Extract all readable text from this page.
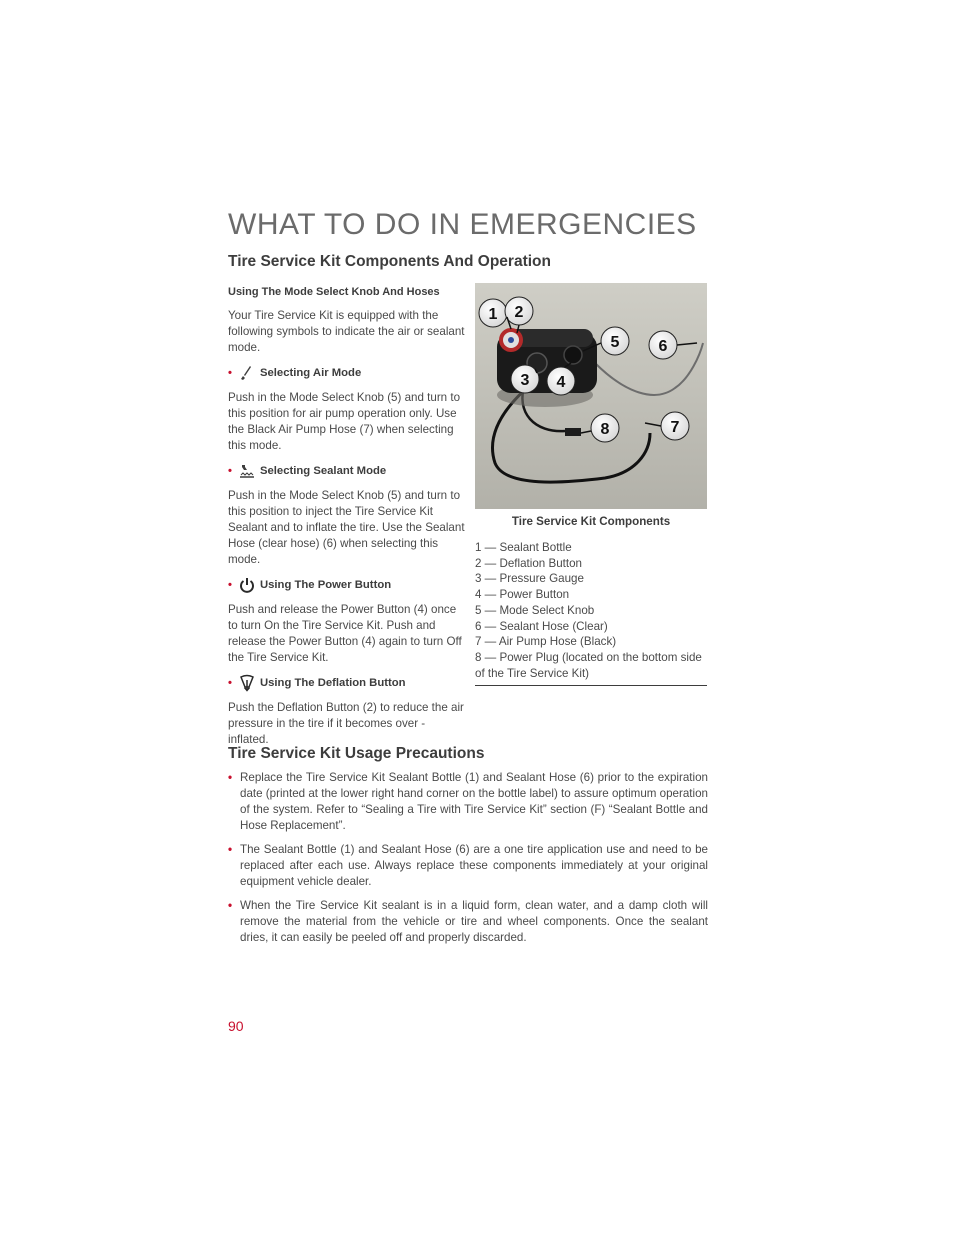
WHAT TO DO IN EMERGENCIES
Tire Service Kit Components And Operation
Using The Mode Select Knob And Hoses
Your Tire Service Kit is equipped with the following symbols to indicate the air or sealant mode.
• Selecting Air Mode
Push in the Mode Select Knob (5) and turn to this position for air pump operation only. Use the Black Air Pump Hose (7) when selecting this mode.
• Selecting Sealant Mode
Push in the Mode Select Knob (5) and turn to this position to inject the Tire Service Kit Sealant and to inflate the tire. Use the Sealant Hose (clear hose) (6) when selecting this mode.
• Using The Power Button
Push and release the Power Button (4) once to turn On the Tire Service Kit. Push and release the Power Button (4) again to turn Off the Tire Service Kit.
• Using The Deflation Button
Push the Deflation Button (2) to reduce the air pressure in the tire if it becomes over - inflated.
1 2
3 4
5 6
7
8
Tire Service Kit Components
1 — Sealant Bottle
2 — Deflation Button
3 — Pressure Gauge
4 — Power Button
5 — Mode Select Knob
6 — Sealant Hose (Clear)
7 — Air Pump Hose (Black)
8 — Power Plug (located on the bottom side of the Tire Service Kit)
Tire Service Kit Usage Precautions
• Replace the Tire Service Kit Sealant Bottle (1) and Sealant Hose (6) prior to the expiration date (printed at the lower right hand corner on the bottle label) to assure optimum operation of the system. Refer to “Sealing a Tire with Tire Service Kit” section (F) “Sealant Bottle and Hose Replacement”.
• The Sealant Bottle (1) and Sealant Hose (6) are a one tire application use and need to be replaced after each use. Always replace these components immediately at your original equipment vehicle dealer.
• When the Tire Service Kit sealant is in a liquid form, clean water, and a damp cloth will remove the material from the vehicle or tire and wheel components. Once the sealant dries, it can easily be peeled off and properly discarded.
90
